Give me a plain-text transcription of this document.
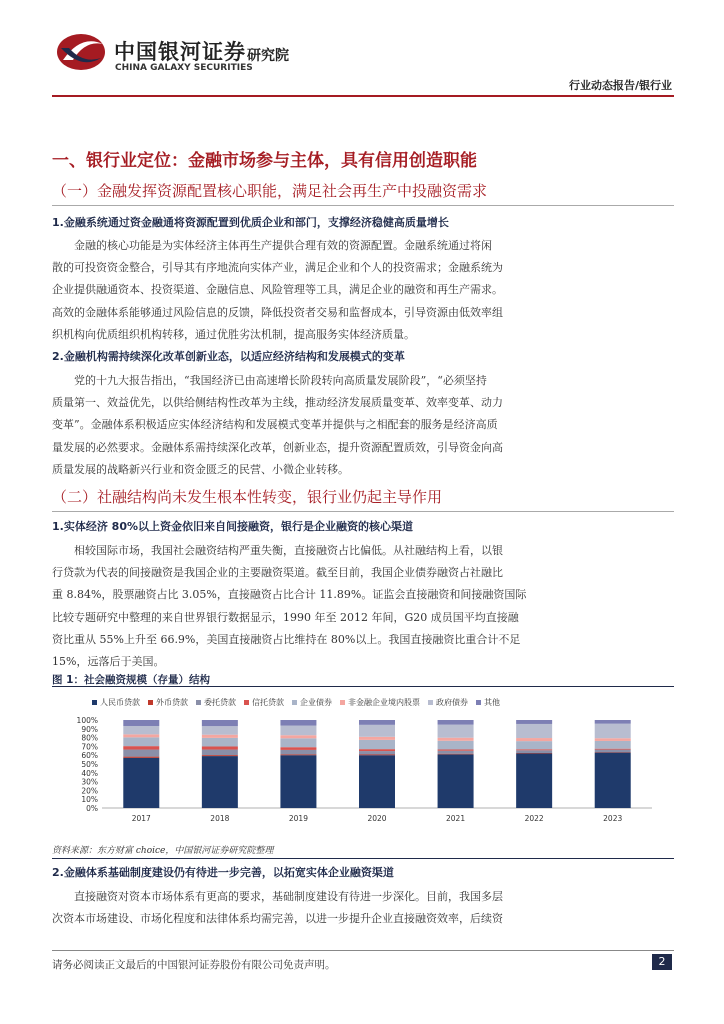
中国银河证券
CHINA GALAXY SECURITIES
研究院
行业动态报告/银行业
一、银行业定位：金融市场参与主体，具有信用创造职能
（一）金融发挥资源配置核心职能，满足社会再生产中投融资需求
1.金融系统通过资金融通将资源配置到优质企业和部门，支撑经济稳健高质量增长
金融的核心功能是为实体经济主体再生产提供合理有效的资源配置。金融系统通过将闲
散的可投资资金整合，引导其有序地流向实体产业，满足企业和个人的投资需求；金融系统为
企业提供融通资本、投资渠道、金融信息、风险管理等工具，满足企业的融资和再生产需求。
高效的金融体系能够通过风险信息的反馈，降低投资者交易和监督成本，引导资源由低效率组
织机构向优质组织机构转移，通过优胜劣汰机制，提高服务实体经济质量。
2.金融机构需持续深化改革创新业态，以适应经济结构和发展模式的变革
党的十九大报告指出，“我国经济已由高速增长阶段转向高质量发展阶段”，“必须坚持
质量第一、效益优先，以供给侧结构性改革为主线，推动经济发展质量变革、效率变革、动力
变革”。金融体系积极适应实体经济结构和发展模式变革并提供与之相配套的服务是经济高质
量发展的必然要求。金融体系需持续深化改革，创新业态，提升资源配置质效，引导资金向高
质量发展的战略新兴行业和资金匮乏的民营、小微企业转移。
（二）社融结构尚未发生根本性转变，银行业仍起主导作用
1.实体经济 80%以上资金依旧来自间接融资，银行是企业融资的核心渠道
相较国际市场，我国社会融资结构严重失衡，直接融资占比偏低。从社融结构上看，以银
行贷款为代表的间接融资是我国企业的主要融资渠道。截至目前，我国企业债券融资占社融比
重 8.84%，股票融资占比 3.05%，直接融资占比合计 11.89%。证监会直接融资和间接融资国际
比较专题研究中整理的来自世界银行数据显示，1990 年至 2012 年间，G20 成员国平均直接融
资比重从 55%上升至 66.9%，美国直接融资占比维持在 80%以上。我国直接融资比重合计不足
15%，远落后于美国。
图 1：社会融资规模（存量）结构
人民币贷款 外币贷款 委托贷款 信托贷款 企业债券 非金融企业境内股票 政府债券 其他
0%
10%
20%
30%
40%
50%
60%
70%
80%
90%
100%
2017	2018	2019	2020	2021	2022	2023
资料来源：东方财富 choice，中国银河证券研究院整理
2.金融体系基础制度建设仍有待进一步完善，以拓宽实体企业融资渠道
直接融资对资本市场体系有更高的要求，基础制度建设有待进一步深化。目前，我国多层
次资本市场建设、市场化程度和法律体系均需完善，以进一步提升企业直接融资效率，后续资
请务必阅读正文最后的中国银河证券股份有限公司免责声明。	2
